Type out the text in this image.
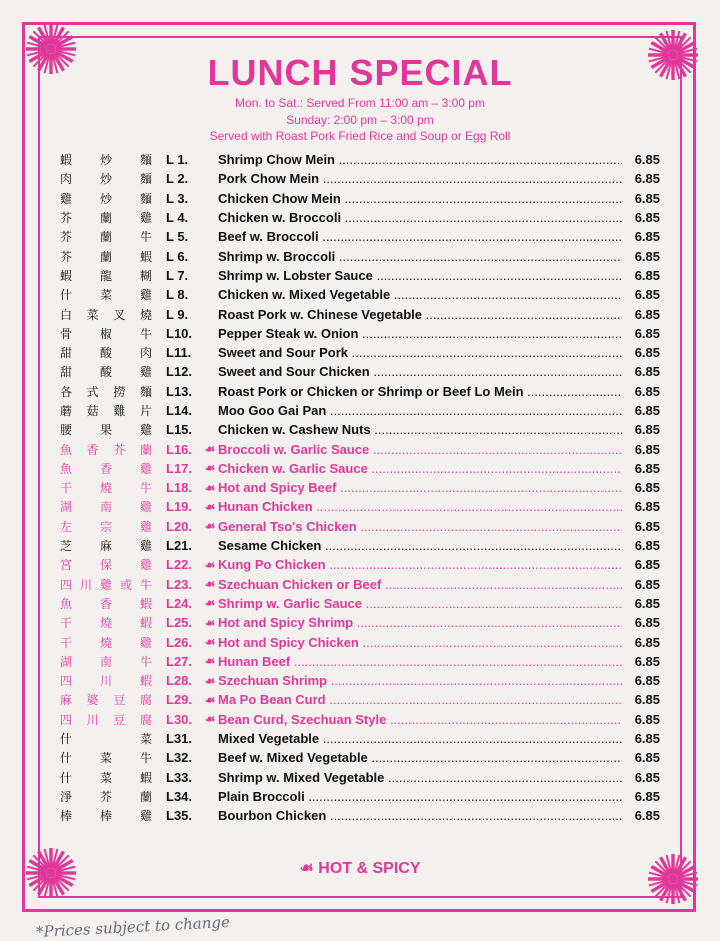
LUNCH SPECIAL
Mon. to Sat.: Served From 11:00 am – 3:00 pm
Sunday: 2:00 pm – 3:00 pm
Served with Roast Pork Fried Rice and Soup or Egg Roll
蝦 炒 麵 L 1.	Shrimp Chow Mein .....	6.85
肉 炒 麵 L 2.	Pork Chow Mein .....	6.85
雞 炒 麵 L 3.	Chicken Chow Mein .....	6.85
芥 蘭 雞 L 4.	Chicken w. Broccoli .....	6.85
芥 蘭 牛 L 5.	Beef w. Broccoli .....	6.85
芥 蘭 蝦 L 6.	Shrimp w. Broccoli .....	6.85
蝦 龍 糊 L 7.	Shrimp w. Lobster Sauce .....	6.85
什 菜 雞 L 8.	Chicken w. Mixed Vegetable .....	6.85
白 菜 叉 燒 L 9.	Roast Pork w. Chinese Vegetable .....	6.85
骨 椒 牛 L10.	Pepper Steak w. Onion .....	6.85
甜 酸 肉 L11.	Sweet and Sour Pork .....	6.85
甜 酸 雞 L12.	Sweet and Sour Chicken .....	6.85
各 式 撈 麵 L13.	Roast Pork or Chicken or Shrimp or Beef Lo Mein .....	6.85
蘑 菇 雞 片 L14.	Moo Goo Gai Pan .....	6.85
腰 果 雞 L15.	Chicken w. Cashew Nuts .....	6.85
魚 香 芥 蘭 L16.	☙ Broccoli w. Garlic Sauce .....	6.85
魚 香 雞 L17.	☙ Chicken w. Garlic Sauce .....	6.85
干 燒 牛 L18.	☙ Hot and Spicy Beef .....	6.85
湖 南 雞 L19.	☙ Hunan Chicken .....	6.85
左 宗 雞 L20.	☙ General Tso's Chicken .....	6.85
芝 麻 雞 L21.	Sesame Chicken .....	6.85
宮 保 雞 L22.	☙ Kung Po Chicken .....	6.85
四 川 雞 或 牛 L23.	☙ Szechuan Chicken or Beef .....	6.85
魚 香 蝦 L24.	☙ Shrimp w. Garlic Sauce .....	6.85
干 燒 蝦 L25.	☙ Hot and Spicy Shrimp .....	6.85
干 燒 雞 L26.	☙ Hot and Spicy Chicken .....	6.85
湖 南 牛 L27.	☙ Hunan Beef .....	6.85
四 川 蝦 L28.	☙ Szechuan Shrimp .....	6.85
麻 婆 豆 腐 L29.	☙ Ma Po Bean Curd .....	6.85
四 川 豆 腐 L30.	☙ Bean Curd, Szechuan Style .....	6.85
什	菜 L31.	Mixed Vegetable .....	6.85
什 菜 牛 L32.	Beef w. Mixed Vegetable .....	6.85
什 菜 蝦 L33.	Shrimp w. Mixed Vegetable .....	6.85
淨 芥 蘭 L34.	Plain Broccoli .....	6.85
棒 棒 雞 L35.	Bourbon Chicken .....	6.85
☙ HOT & SPICY
*Prices subject to change
